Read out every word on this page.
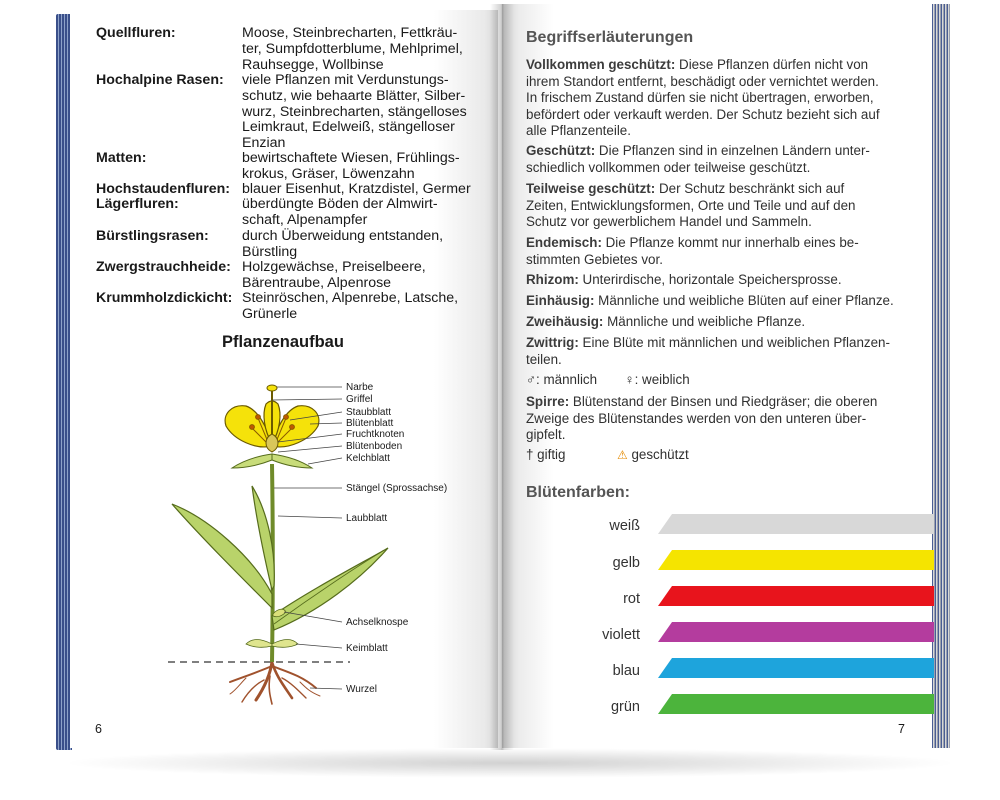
Quellfluren:	Moose, Steinbrecharten, Fettkräu-
ter, Sumpfdotterblume, Mehlprimel,
Rauhsegge, Wollbinse
Hochalpine Rasen: viele Pflanzen mit Verdunstungs-
schutz, wie behaarte Blätter, Silber-
wurz, Steinbrecharten, stängelloses
Leimkraut, Edelweiß, stängelloser
Enzian
Matten:	bewirtschaftete Wiesen, Frühlings-
krokus, Gräser, Löwenzahn
Hochstaudenfluren: blauer Eisenhut, Kratzdistel, Germer
Lägerfluren:	überdüngte Böden der Almwirt-
schaft, Alpenampfer
Bürstlingsrasen: durch Überweidung entstanden,
Bürstling
Zwergstrauchheide: Holzgewächse, Preiselbeere,
Bärentraube, Alpenrose
Krummholzdickicht: Steinröschen, Alpenrebe, Latsche,
Grünerle
Pflanzenaufbau
Narbe
Griffel
Staubblatt
Blütenblatt
Fruchtknoten
Blütenboden
Kelchblatt
Stängel (Sprossachse)
Laubblatt
Achselknospe
Keimblatt
Wurzel
6
Begriffserläuterungen
Vollkommen geschützt: Diese Pflanzen dürfen nicht von
ihrem Standort entfernt, beschädigt oder vernichtet werden.
In frischem Zustand dürfen sie nicht übertragen, erworben,
befördert oder verkauft werden. Der Schutz bezieht sich auf
alle Pflanzenteile.
Geschützt: Die Pflanzen sind in einzelnen Ländern unter-
schiedlich vollkommen oder teilweise geschützt.
Teilweise geschützt: Der Schutz beschränkt sich auf
Zeiten, Entwicklungsformen, Orte und Teile und auf den
Schutz vor gewerblichem Handel und Sammeln.
Endemisch: Die Pflanze kommt nur innerhalb eines be-
stimmten Gebietes vor.
Rhizom: Unterirdische, horizontale Speichersprosse.
Einhäusig: Männliche und weibliche Blüten auf einer Pflanze.
Zweihäusig: Männliche und weibliche Pflanze.
Zwittrig: Eine Blüte mit männlichen und weiblichen Pflanzen-
teilen.
♂: männlich ♀: weiblich
Spirre: Blütenstand der Binsen und Riedgräser; die oberen
Zweige des Blütenstandes werden von den unteren über-
gipfelt.
† giftig	⚠ geschützt
Blütenfarben:
weiß
gelb
rot
violett
blau
grün
7
